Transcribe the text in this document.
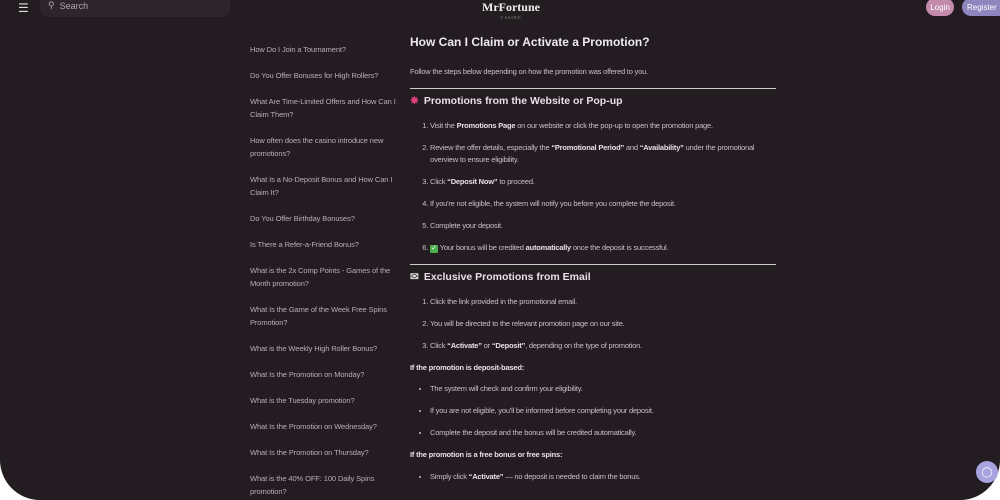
☰ ⚲ Search	MrFortune
CASINO
Login	Register
How Do I Join a Tournament?
Do You Offer Bonuses for High Rollers?
What Are Time-Limited Offers and How Can I Claim Them?
How often does the casino introduce new promotions?
What Is a No-Deposit Bonus and How Can I Claim It?
Do You Offer Birthday Bonuses?
Is There a Refer-a-Friend Bonus?
What is the 2x Comp Points - Games of the Month promotion?
What Is the Game of the Week Free Spins Promotion?
What is the Weekly High Roller Bonus?
What Is the Promotion on Monday?
What is the Tuesday promotion?
What Is the Promotion on Wednesday?
What Is the Promotion on Thursday?
What is the 40% OFF: 100 Daily Spins promotion?
How Can I Claim or Activate a Promotion?

Follow the steps below depending on how the promotion was offered to you.

✸ Promotions from the Website or Pop-up
1. Visit the Promotions Page on our website or click the pop-up to open the promotion page.
2. Review the offer details, especially the “Promotional Period” and “Availability” under the promotional overview to ensure eligibility.
3. Click “Deposit Now” to proceed.
4. If you're not eligible, the system will notify you before you complete the deposit.
5. Complete your deposit.
6. ✓ Your bonus will be credited automatically once the deposit is successful.
✉ Exclusive Promotions from Email
1. Click the link provided in the promotional email.
2. You will be directed to the relevant promotion page on our site.
3. Click “Activate” or “Deposit”, depending on the type of promotion.

If the promotion is deposit-based:

• The system will check and confirm your eligibility.
• If you are not eligible, you'll be informed before completing your deposit.
• Complete the deposit and the bonus will be credited automatically.

If the promotion is a free bonus or free spins:

• Simply click “Activate” — no deposit is needed to claim the bonus.	◯
